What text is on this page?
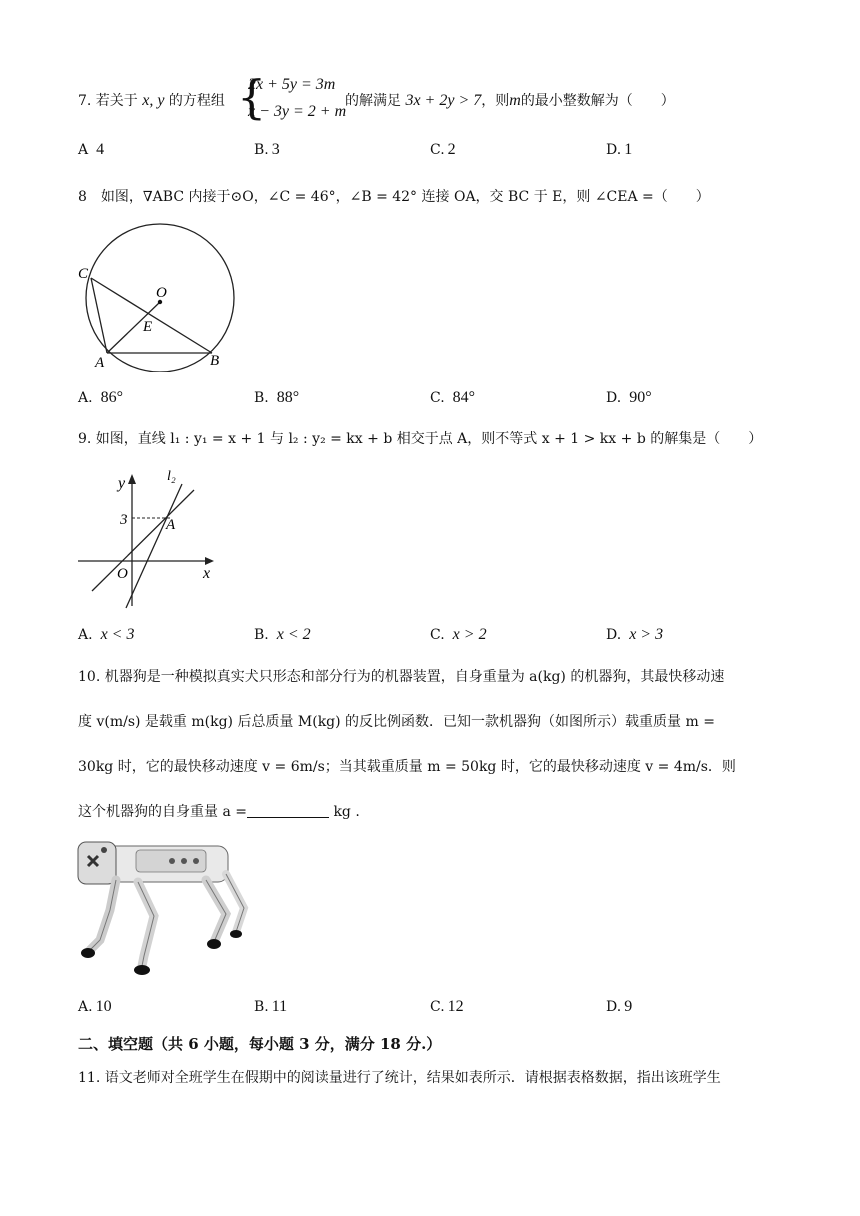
7. 若关于 x, y 的方程组 {
2x + 5y = 3m
x − 3y = 2 + m
的解满足 3x + 2y > 7，则m的最小整数解为（　　）
A 4	B. 3	C. 2	D. 1
8　如图，∇ABC 内接于⊙O，∠C = 46°，∠B = 42° 连接 OA，交 BC 于 E，则 ∠CEA =（　　）
C
O
E
A	B
A. 86°	B. 88°	C. 84°	D. 90°
9. 如图，直线 l₁ : y₁ = x + 1 与 l₂ : y₂ = kx + b 相交于点 A，则不等式 x + 1 > kx + b 的解集是（　　）
y	l₂
3	A
O	x
A. x < 3	B. x < 2	C. x > 2	D. x > 3
10. 机器狗是一种模拟真实犬只形态和部分行为的机器装置，自身重量为 a(kg) 的机器狗，其最快移动速
度 v(m/s) 是载重 m(kg) 后总质量 M(kg) 的反比例函数．已知一款机器狗（如图所示）载重质量 m =
30kg 时，它的最快移动速度 v = 6m/s；当其载重质量 m = 50kg 时，它的最快移动速度 v = 4m/s．则
这个机器狗的自身重量 a =	kg .
A. 10	B. 11	C. 12	D. 9
二、填空题（共 6 小题，每小题 3 分，满分 18 分.）
11. 语文老师对全班学生在假期中的阅读量进行了统计，结果如表所示．请根据表格数据，指出该班学生
